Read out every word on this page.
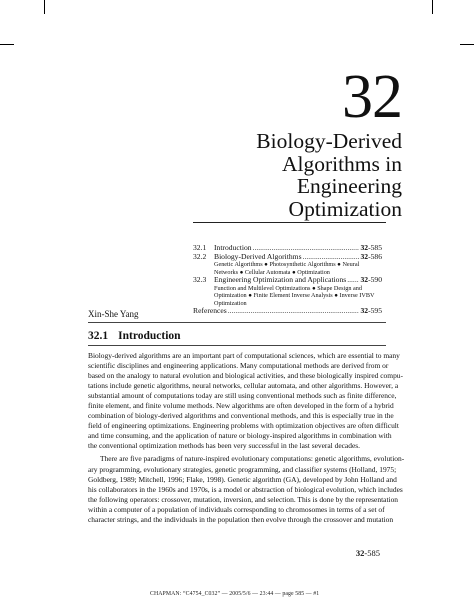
32
Biology-Derived
Algorithms in
Engineering
Optimization
32.1	Introduction .....	32-585
32.2	Biology-Derived Algorithms .....	32-586
Genetic Algorithms ● Photosynthetic Algorithms ● Neural Networks ● Cellular Automata ● Optimization
32.3	Engineering Optimization and Applications ..... 32-590
Function and Multilevel Optimizations ● Shape Design and Optimization ● Finite Element Inverse Analysis ● Inverse IVBV Optimization
References .....	32-595
Xin-She Yang
32.1 Introduction

Biology-derived algorithms are an important part of computational sciences, which are essential to many
scientific disciplines and engineering applications. Many computational methods are derived from or
based on the analogy to natural evolution and biological activities, and these biologically inspired compu-
tations include genetic algorithms, neural networks, cellular automata, and other algorithms. However, a
substantial amount of computations today are still using conventional methods such as finite difference,
finite element, and finite volume methods. New algorithms are often developed in the form of a hybrid
combination of biology-derived algorithms and conventional methods, and this is especially true in the
field of engineering optimizations. Engineering problems with optimization objectives are often difficult
and time consuming, and the application of nature or biology-inspired algorithms in combination with
the conventional optimization methods has been very successful in the last several decades.

There are five paradigms of nature-inspired evolutionary computations: genetic algorithms, evolution-
ary programming, evolutionary strategies, genetic programming, and classifier systems (Holland, 1975;
Goldberg, 1989; Mitchell, 1996; Flake, 1998). Genetic algorithm (GA), developed by John Holland and
his collaborators in the 1960s and 1970s, is a model or abstraction of biological evolution, which includes
the following operators: crossover, mutation, inversion, and selection. This is done by the representation
within a computer of a population of individuals corresponding to chromosomes in terms of a set of
character strings, and the individuals in the population then evolve through the crossover and mutation

32-585
CHAPMAN: “C4754_C032” — 2005/5/6 — 23:44 — page 585 — #1
